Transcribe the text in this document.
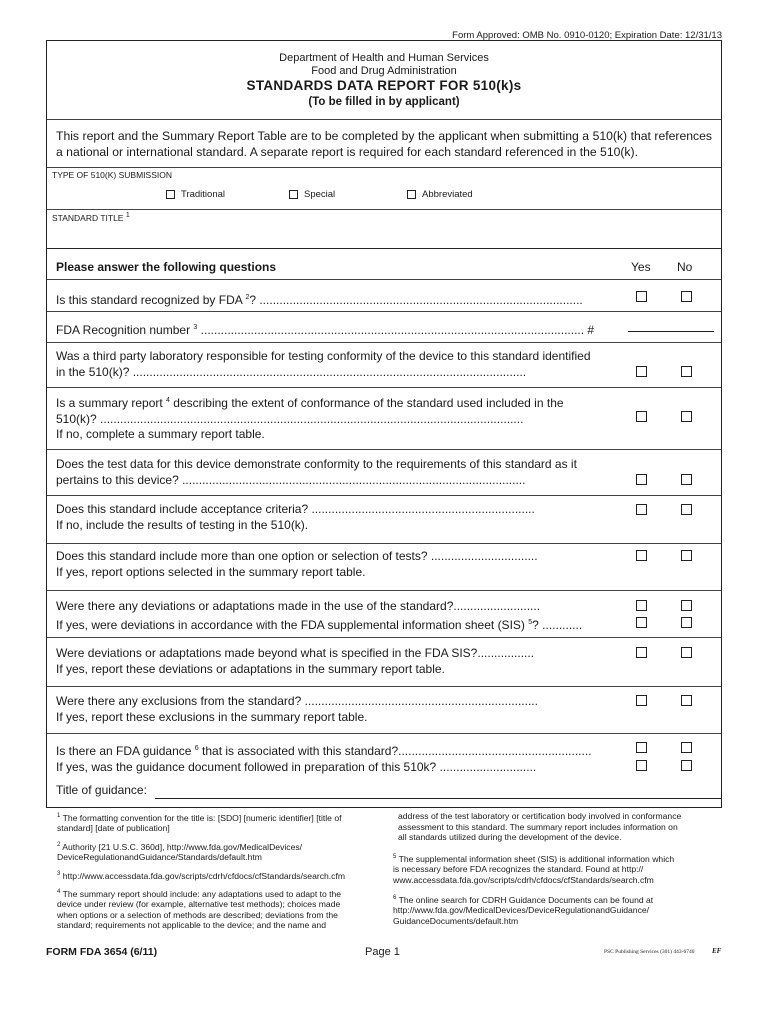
Form Approved: OMB No. 0910-0120; Expiration Date: 12/31/13
Department of Health and Human Services
Food and Drug Administration
STANDARDS DATA REPORT FOR 510(k)s
(To be filled in by applicant)
This report and the Summary Report Table are to be completed by the applicant when submitting a 510(k) that references a national or international standard. A separate report is required for each standard referenced in the 510(k).
TYPE OF 510(K) SUBMISSION
Traditional	Special	Abbreviated
STANDARD TITLE $^1$
Please answer the following questions	Yes No
Is this standard recognized by FDA $^2$? .................................................................................................
FDA Recognition number $^3$ ................................................................................................................... #
Was a third party laboratory responsible for testing conformity of the device to this standard identified
in the 510(k)? ......................................................................................................................
Is a summary report $^4$ describing the extent of conformance of the standard used included in the
510(k)? ...............................................................................................................................
If no, complete a summary report table.
Does the test data for this device demonstrate conformity to the requirements of this standard as it
pertains to this device? .......................................................................................................
Does this standard include acceptance criteria? ...................................................................
If no, include the results of testing in the 510(k).
Does this standard include more than one option or selection of tests? ................................
If yes, report options selected in the summary report table.
Were there any deviations or adaptations made in the use of the standard?..........................
If yes, were deviations in accordance with the FDA supplemental information sheet (SIS) $^5$? ............
Were deviations or adaptations made beyond what is specified in the FDA SIS?.................
If yes, report these deviations or adaptations in the summary report table.
Were there any exclusions from the standard? ......................................................................
If yes, report these exclusions in the summary report table.
Is there an FDA guidance $^6$ that is associated with this standard?..........................................................
If yes, was the guidance document followed in preparation of this 510k? .............................
Title of guidance:
$^1$ The formatting convention for the title is: [SDO] [numeric identifier] [title of
standard] [date of publication]
$^2$ Authority [21 U.S.C. 360d], http://www.fda.gov/MedicalDevices/
DeviceRegulationandGuidance/Standards/default.htm
$^3$ http://www.accessdata.fda.gov/scripts/cdrh/cfdocs/cfStandards/search.cfm
$^4$ The summary report should include: any adaptations used to adapt to the
device under review (for example, alternative test methods); choices made
when options or a selection of methods are described; deviations from the
standard; requirements not applicable to the device; and the name and
address of the test laboratory or certification body involved in conformance
assessment to this standard. The summary report includes information on
all standards utilized during the development of the device.
$^5$ The supplemental information sheet (SIS) is additional information which
is necessary before FDA recognizes the standard. Found at http://
www.accessdata.fda.gov/scripts/cdrh/cfdocs/cfStandards/search.cfm
$^6$ The online search for CDRH Guidance Documents can be found at
http://www.fda.gov/MedicalDevices/DeviceRegulationandGuidance/
GuidanceDocuments/default.htm
FORM FDA 3654 (6/11)	Page 1	PSC Publishing Services (301) 443-6740	EF
